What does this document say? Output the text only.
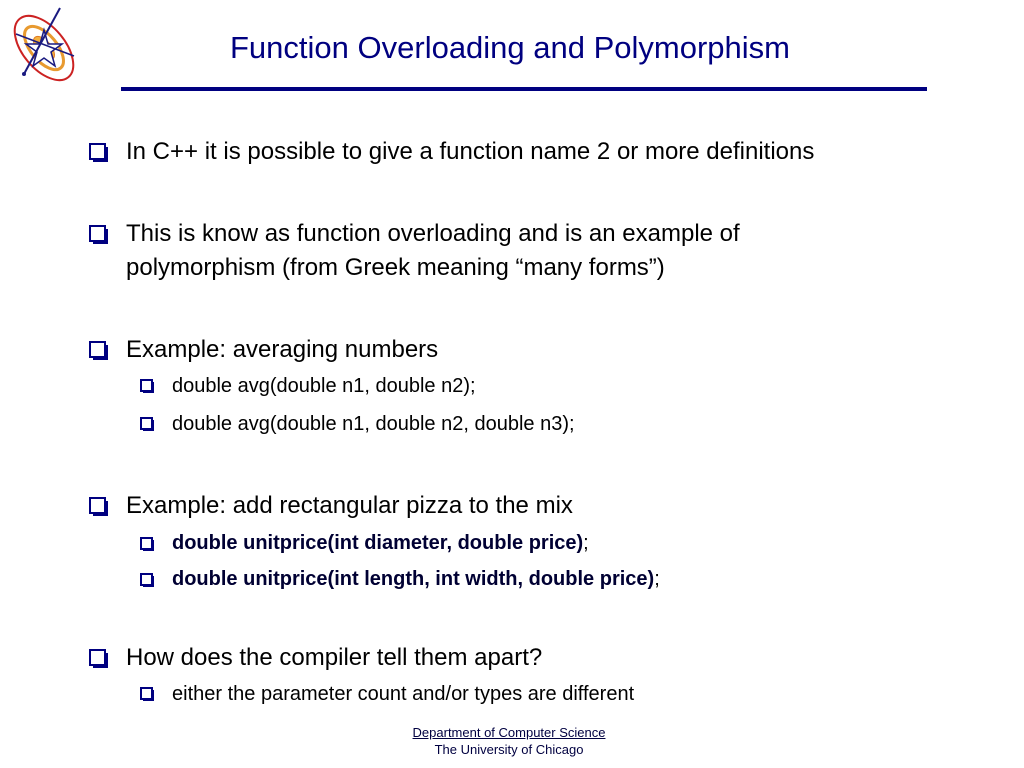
Function Overloading and Polymorphism
In C++ it is possible to give a function name 2 or more definitions
This is know as function overloading and is an example of
polymorphism (from Greek meaning “many forms”)
Example: averaging numbers
double avg(double n1, double n2);
double avg(double n1, double n2, double n3);
Example: add rectangular pizza to the mix
double unitprice(int diameter, double price);
double unitprice(int length, int width, double price);
How does the compiler tell them apart?
either the parameter count and/or types are different
Department of Computer Science
The University of Chicago
